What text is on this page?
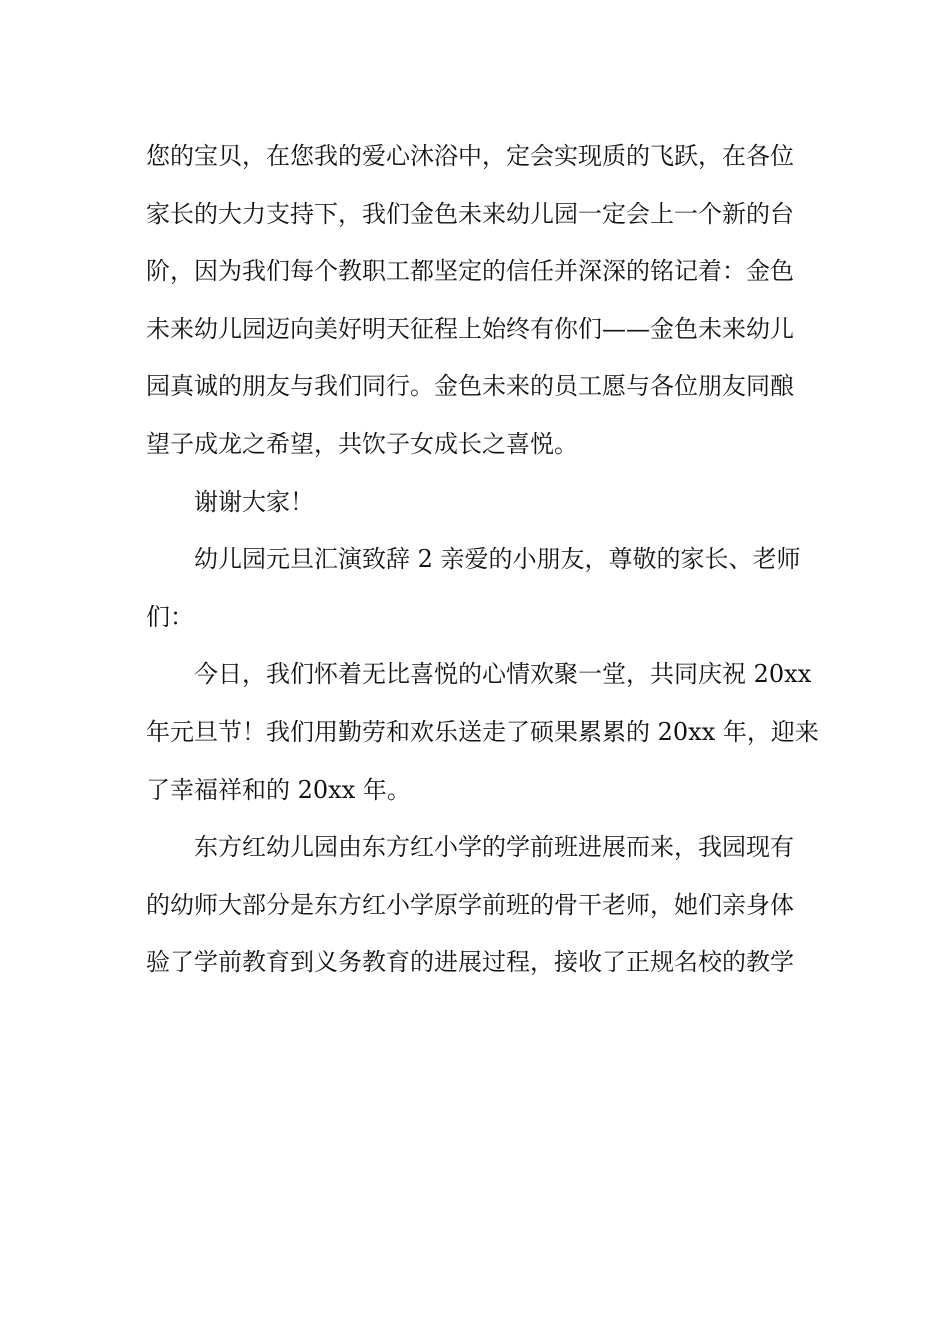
您的宝贝，在您我的爱心沐浴中，定会实现质的飞跃，在各位
家长的大力支持下，我们金色未来幼儿园一定会上一个新的台
阶，因为我们每个教职工都坚定的信任并深深的铭记着：金色
未来幼儿园迈向美好明天征程上始终有你们——金色未来幼儿
园真诚的朋友与我们同行。金色未来的员工愿与各位朋友同酿
望子成龙之希望，共饮子女成长之喜悦。
谢谢大家！
幼儿园元旦汇演致辞 2 亲爱的小朋友，尊敬的家长、老师
们：
今日，我们怀着无比喜悦的心情欢聚一堂，共同庆祝 20xx
年元旦节！我们用勤劳和欢乐送走了硕果累累的 20xx 年，迎来
了幸福祥和的 20xx 年。
东方红幼儿园由东方红小学的学前班进展而来，我园现有
的幼师大部分是东方红小学原学前班的骨干老师，她们亲身体
验了学前教育到义务教育的进展过程，接收了正规名校的教学
